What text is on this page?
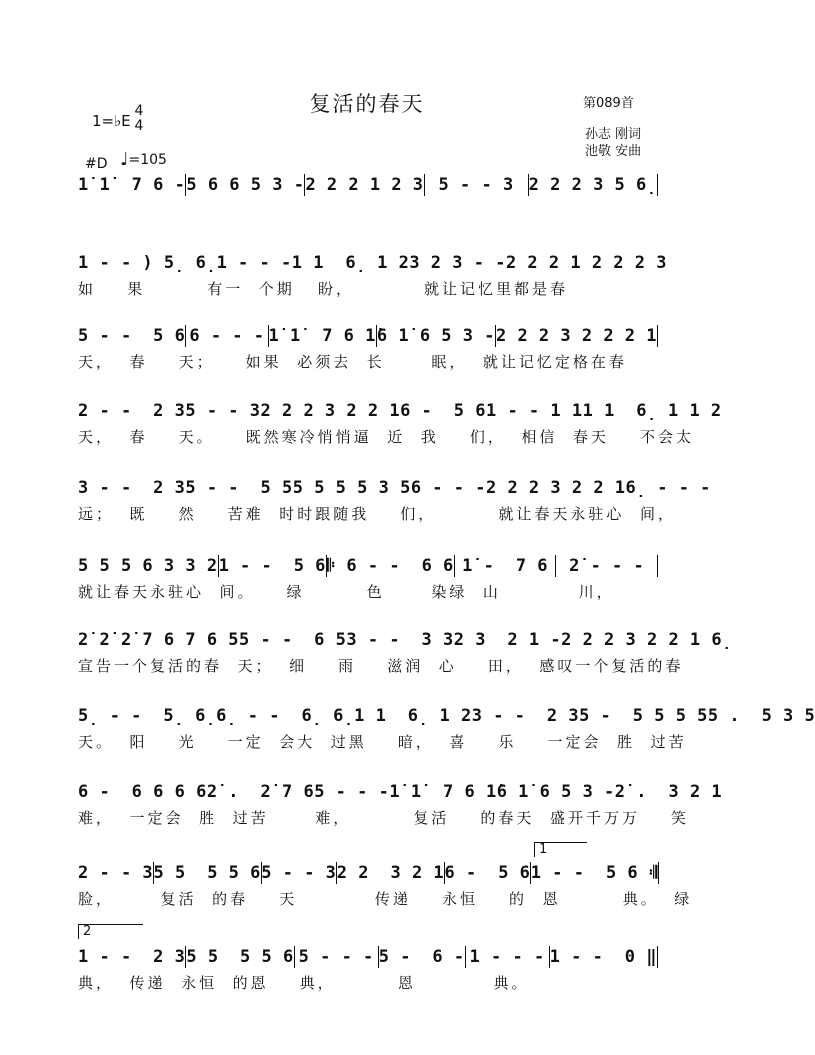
复活的春天	第089首
1=♭E
4
4
孙志 刚词
池敬 安曲
#D ♩ =105
1̇ 1̇  7 6 - 5 6 6 5 3 - 2 2 2 1 2 3 5 - - 3 2 2 2 3 5 6̣
1 - - ) 5̣ 6̣ 1 - - - 1 1  6̣ 1 2 3 2 3 - - 2 2 2 1 2 2 2 3
如    果        有一  个期   盼，         就让记忆里都是春
5 - -  5 6 6 - - - 1̇ 1̇  7 6 1̇ 6 1̇ 6 5 3 - 2 2 2 3 2 2 2 1
天，  春    天；    如果  必须去  长      眠，  就让记忆定格在春
2 - -  2 3 5 - - 3 2 2 2 3 2 2 1 6 -  5 6 1 - - 1 1 1 1  6̣ 1 1 2
天，  春    天。    既然寒冷悄悄逼  近  我    们，  相信  春天    不会太
3 - -  2 3 5 - -  5 5 5 5 5 5 3 5 6 - - - 2 2 2 3 2 2 1 6̣ - - -
远；  既    然    苦难  时时跟随我    们，        就让春天永驻心  间，
5 5 5 6 3 3 2 1 - -  5 6 𝄆 6 - -  6 6 1̇ -  7 6	2̇ - - -
就让春天永驻心  间。    绿        色      染绿  山          川，
2̇ 2̇ 2̇ 7 6 7 6 5 5 - -  6 5 3 - -  3 3 2 3  2 1 - 2 2 2 3 2 2 1 6̣
宣告一个复活的春  天；  细    雨    滋润  心    田，  感叹一个复活的春
5̣ - -  5̣ 6̣ 6̣ - -  6̣ 6̣ 1 1  6̣ 1 2 3 - -  2 3 5 -  5 5 5 5 5 .  5 3 5
天。  阳    光    一定  会大  过黑    暗，  喜    乐    一定会  胜  过苦
6 -  6 6 6 6 2̇ .  2̇ 7 6 5 - - - 1̇ 1̇  7 6 1̇ 6 1̇ 6 5 3 - 2̇ .  3 2 1
难，  一定会  胜  过苦      难，        复活    的春天  盛开千万万    笑
1
2 - - 3 5 5  5 5 6 5 - - 3 2 2  3 2 1 6 -  5 6 1 - -  5 6 𝄇
脸，      复活  的春    天          传递    永恒    的  恩        典。  绿
2
1 - -  2 3 5 5  5 5 6 5 - - - 5 -  6 - 1 - - - 1 - -  0 ‖
典，  传递  永恒  的恩    典，        恩          典。
